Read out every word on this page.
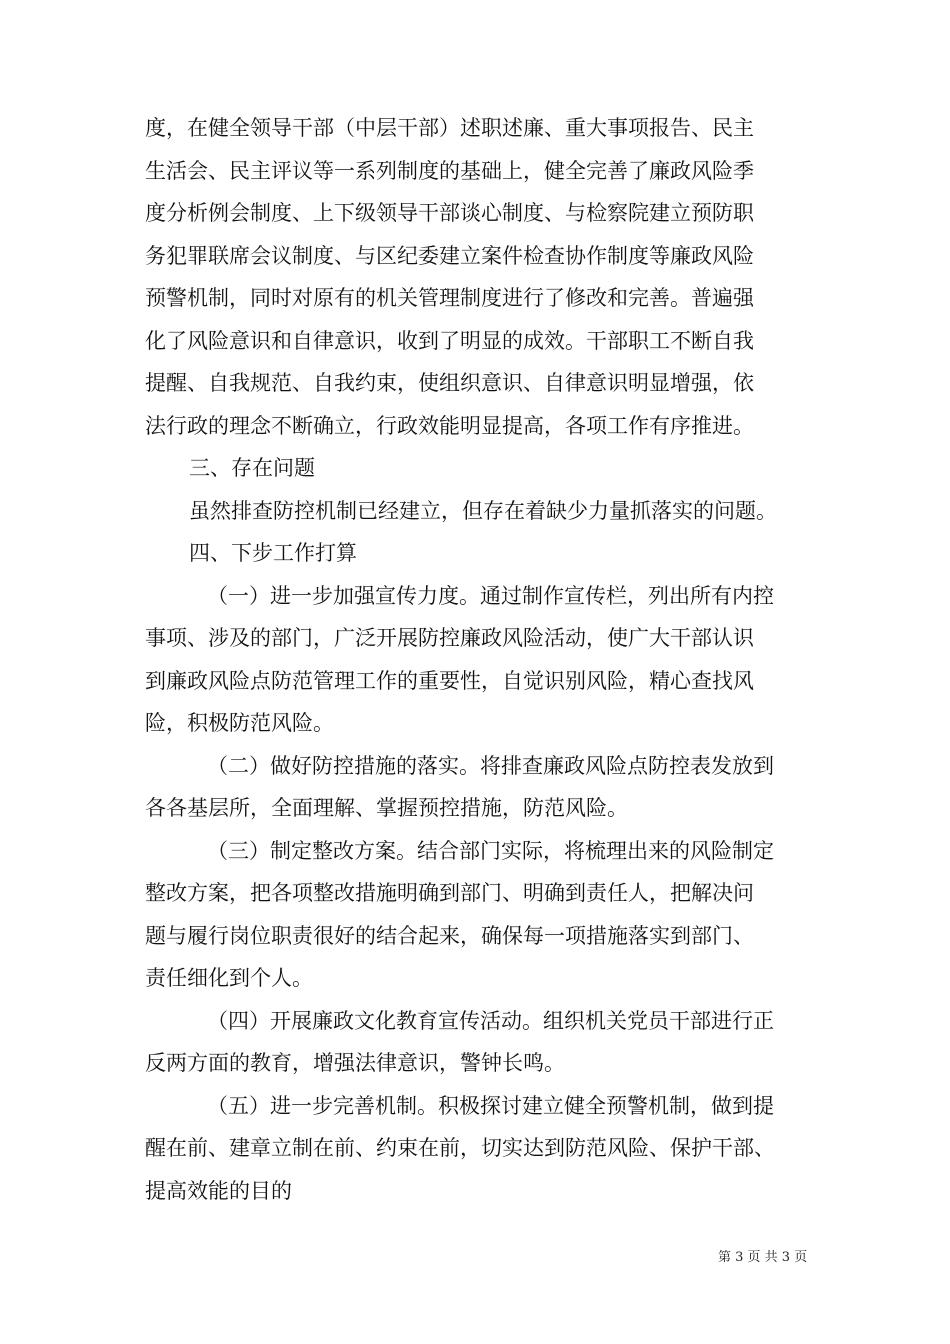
度，在健全领导干部（中层干部）述职述廉、重大事项报告、民主
生活会、民主评议等一系列制度的基础上，健全完善了廉政风险季
度分析例会制度、上下级领导干部谈心制度、与检察院建立预防职
务犯罪联席会议制度、与区纪委建立案件检查协作制度等廉政风险
预警机制，同时对原有的机关管理制度进行了修改和完善。普遍强
化了风险意识和自律意识，收到了明显的成效。干部职工不断自我
提醒、自我规范、自我约束，使组织意识、自律意识明显增强，依
法行政的理念不断确立，行政效能明显提高，各项工作有序推进。
三、存在问题
虽然排查防控机制已经建立，但存在着缺少力量抓落实的问题。
四、下步工作打算
（一）进一步加强宣传力度。通过制作宣传栏，列出所有内控
事项、涉及的部门，广泛开展防控廉政风险活动，使广大干部认识
到廉政风险点防范管理工作的重要性，自觉识别风险，精心查找风
险，积极防范风险。
（二）做好防控措施的落实。将排查廉政风险点防控表发放到
各各基层所，全面理解、掌握预控措施，防范风险。
（三）制定整改方案。结合部门实际，将梳理出来的风险制定
整改方案，把各项整改措施明确到部门、明确到责任人，把解决问
题与履行岗位职责很好的结合起来，确保每一项措施落实到部门、
责任细化到个人。
（四）开展廉政文化教育宣传活动。组织机关党员干部进行正
反两方面的教育，增强法律意识，警钟长鸣。
（五）进一步完善机制。积极探讨建立健全预警机制，做到提
醒在前、建章立制在前、约束在前，切实达到防范风险、保护干部、
提高效能的目的
第 3 页 共 3 页
